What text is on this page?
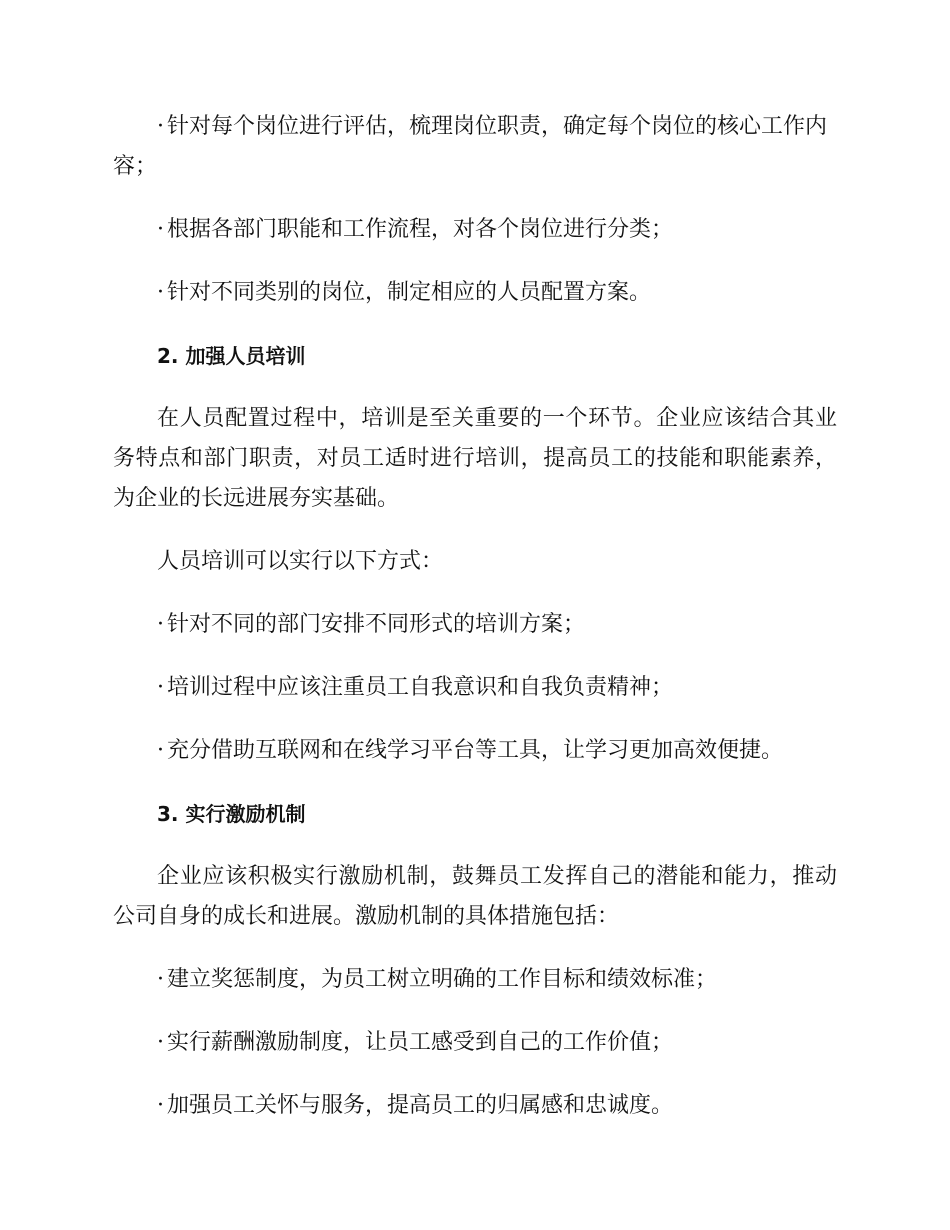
· 针对每个岗位进行评估，梳理岗位职责，确定每个岗位的核心工作内容；
· 根据各部门职能和工作流程，对各个岗位进行分类；
· 针对不同类别的岗位，制定相应的人员配置方案。
2. 加强人员培训
在人员配置过程中，培训是至关重要的一个环节。企业应该结合其业务特点和部门职责，对员工适时进行培训，提高员工的技能和职能素养，为企业的长远进展夯实基础。
人员培训可以实行以下方式：
· 针对不同的部门安排不同形式的培训方案；
· 培训过程中应该注重员工自我意识和自我负责精神；
· 充分借助互联网和在线学习平台等工具，让学习更加高效便捷。
3. 实行激励机制
企业应该积极实行激励机制，鼓舞员工发挥自己的潜能和能力，推动公司自身的成长和进展。激励机制的具体措施包括：
· 建立奖惩制度，为员工树立明确的工作目标和绩效标准；
· 实行薪酬激励制度，让员工感受到自己的工作价值；
· 加强员工关怀与服务，提高员工的归属感和忠诚度。
